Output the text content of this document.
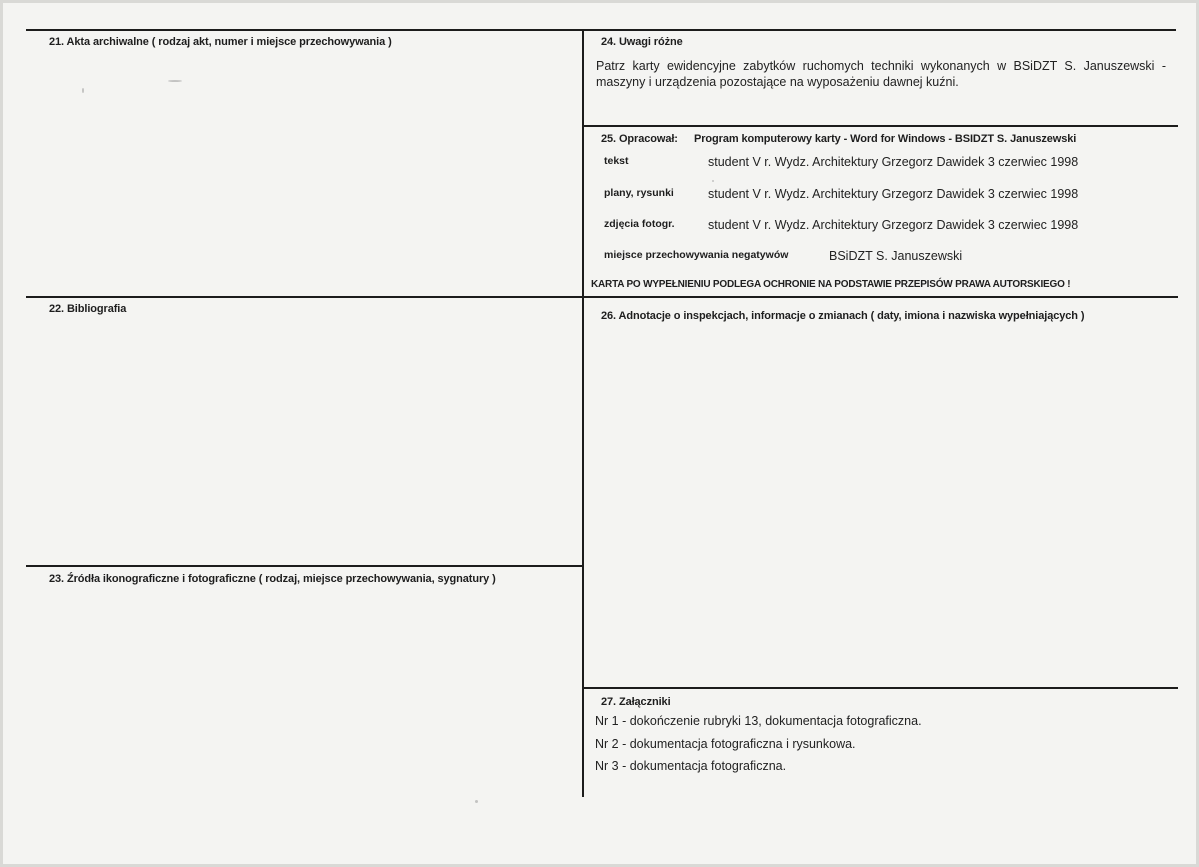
21. Akta archiwalne ( rodzaj akt, numer i miejsce przechowywania )
22. Bibliografia
23. Źródła ikonograficzne i fotograficzne ( rodzaj, miejsce przechowywania, sygnatury )
24. Uwagi różne
Patrz karty ewidencyjne zabytków ruchomych techniki wykonanych w BSiDZT S. Januszewski - maszyny i urządzenia pozostające na wyposażeniu dawnej kuźni.
25. Opracował: Program komputerowy karty - Word for Windows - BSIDZT S. Januszewski
tekst	student V r. Wydz. Architektury Grzegorz Dawidek 3 czerwiec 1998
plany, rysunki	student V r. Wydz. Architektury Grzegorz Dawidek 3 czerwiec 1998
zdjęcia fotogr.	student V r. Wydz. Architektury Grzegorz Dawidek 3 czerwiec 1998
miejsce przechowywania negatywów	BSiDZT S. Januszewski
KARTA PO WYPEŁNIENIU PODLEGA OCHRONIE NA PODSTAWIE PRZEPISÓW PRAWA AUTORSKIEGO !
26. Adnotacje o inspekcjach, informacje o zmianach ( daty, imiona i nazwiska wypełniających )
27. Załączniki
Nr 1 - dokończenie rubryki 13, dokumentacja fotograficzna.
Nr 2 - dokumentacja fotograficzna i rysunkowa.
Nr 3 - dokumentacja fotograficzna.
